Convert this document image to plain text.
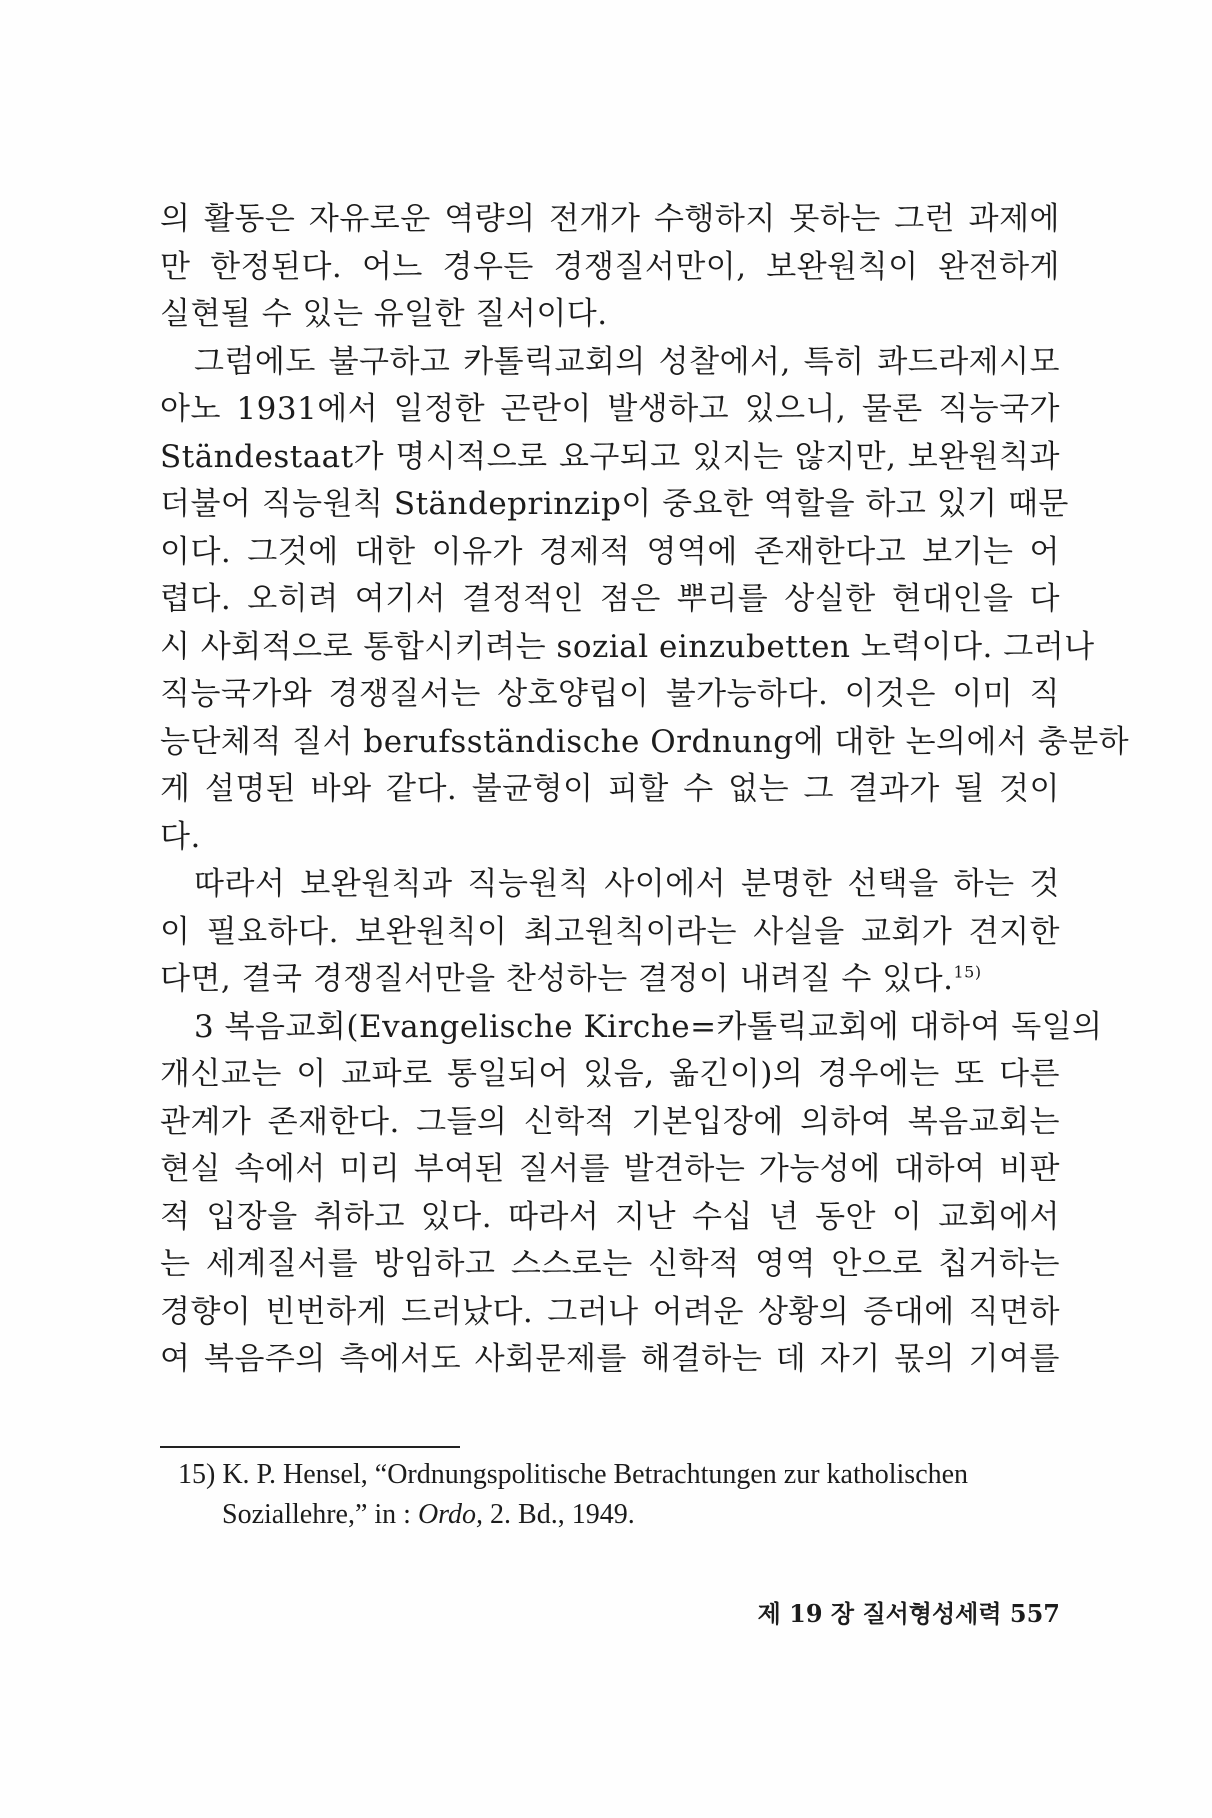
의 활동은 자유로운 역량의 전개가 수행하지 못하는 그런 과제에
만 한정된다. 어느 경우든 경쟁질서만이, 보완원칙이 완전하게
실현될 수 있는 유일한 질서이다.
그럼에도 불구하고 카톨릭교회의 성찰에서, 특히 콰드라제시모
아노 1931에서 일정한 곤란이 발생하고 있으니, 물론 직능국가
Ständestaat가 명시적으로 요구되고 있지는 않지만, 보완원칙과
더불어 직능원칙 Ständeprinzip이 중요한 역할을 하고 있기 때문
이다. 그것에 대한 이유가 경제적 영역에 존재한다고 보기는 어
렵다. 오히려 여기서 결정적인 점은 뿌리를 상실한 현대인을 다
시 사회적으로 통합시키려는 sozial einzubetten 노력이다. 그러나
직능국가와 경쟁질서는 상호양립이 불가능하다. 이것은 이미 직
능단체적 질서 berufsständische Ordnung에 대한 논의에서 충분하
게 설명된 바와 같다. 불균형이 피할 수 없는 그 결과가 될 것이
다.
따라서 보완원칙과 직능원칙 사이에서 분명한 선택을 하는 것
이 필요하다. 보완원칙이 최고원칙이라는 사실을 교회가 견지한
다면, 결국 경쟁질서만을 찬성하는 결정이 내려질 수 있다.$^{15)}$
3 복음교회(Evangelische Kirche=카톨릭교회에 대하여 독일의
개신교는 이 교파로 통일되어 있음, 옮긴이)의 경우에는 또 다른
관계가 존재한다. 그들의 신학적 기본입장에 의하여 복음교회는
현실 속에서 미리 부여된 질서를 발견하는 가능성에 대하여 비판
적 입장을 취하고 있다. 따라서 지난 수십 년 동안 이 교회에서
는 세계질서를 방임하고 스스로는 신학적 영역 안으로 칩거하는
경향이 빈번하게 드러났다. 그러나 어려운 상황의 증대에 직면하
여 복음주의 측에서도 사회문제를 해결하는 데 자기 몫의 기여를
15) K. P. Hensel, “Ordnungspolitische Betrachtungen zur katholischen
Soziallehre,” in : Ordo, 2. Bd., 1949.
제 19 장 질서형성세력 557
